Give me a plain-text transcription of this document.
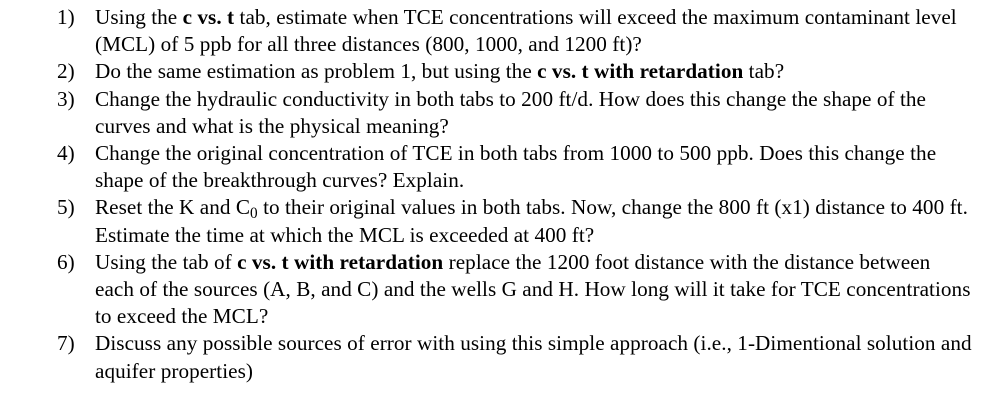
1) Using the c vs. t tab, estimate when TCE concentrations will exceed the maximum contaminant level (MCL) of 5 ppb for all three distances (800, 1000, and 1200 ft)?
2) Do the same estimation as problem 1, but using the c vs. t with retardation tab?
3) Change the hydraulic conductivity in both tabs to 200 ft/d. How does this change the shape of the curves and what is the physical meaning?
4) Change the original concentration of TCE in both tabs from 1000 to 500 ppb. Does this change the shape of the breakthrough curves? Explain.
5) Reset the K and $C_0$ to their original values in both tabs. Now, change the 800 ft (x1) distance to 400 ft. Estimate the time at which the MCL is exceeded at 400 ft?
6) Using the tab of c vs. t with retardation replace the 1200 foot distance with the distance between each of the sources (A, B, and C) and the wells G and H. How long will it take for TCE concentrations to exceed the MCL?
7) Discuss any possible sources of error with using this simple approach (i.e., 1-Dimentional solution and aquifer properties)
